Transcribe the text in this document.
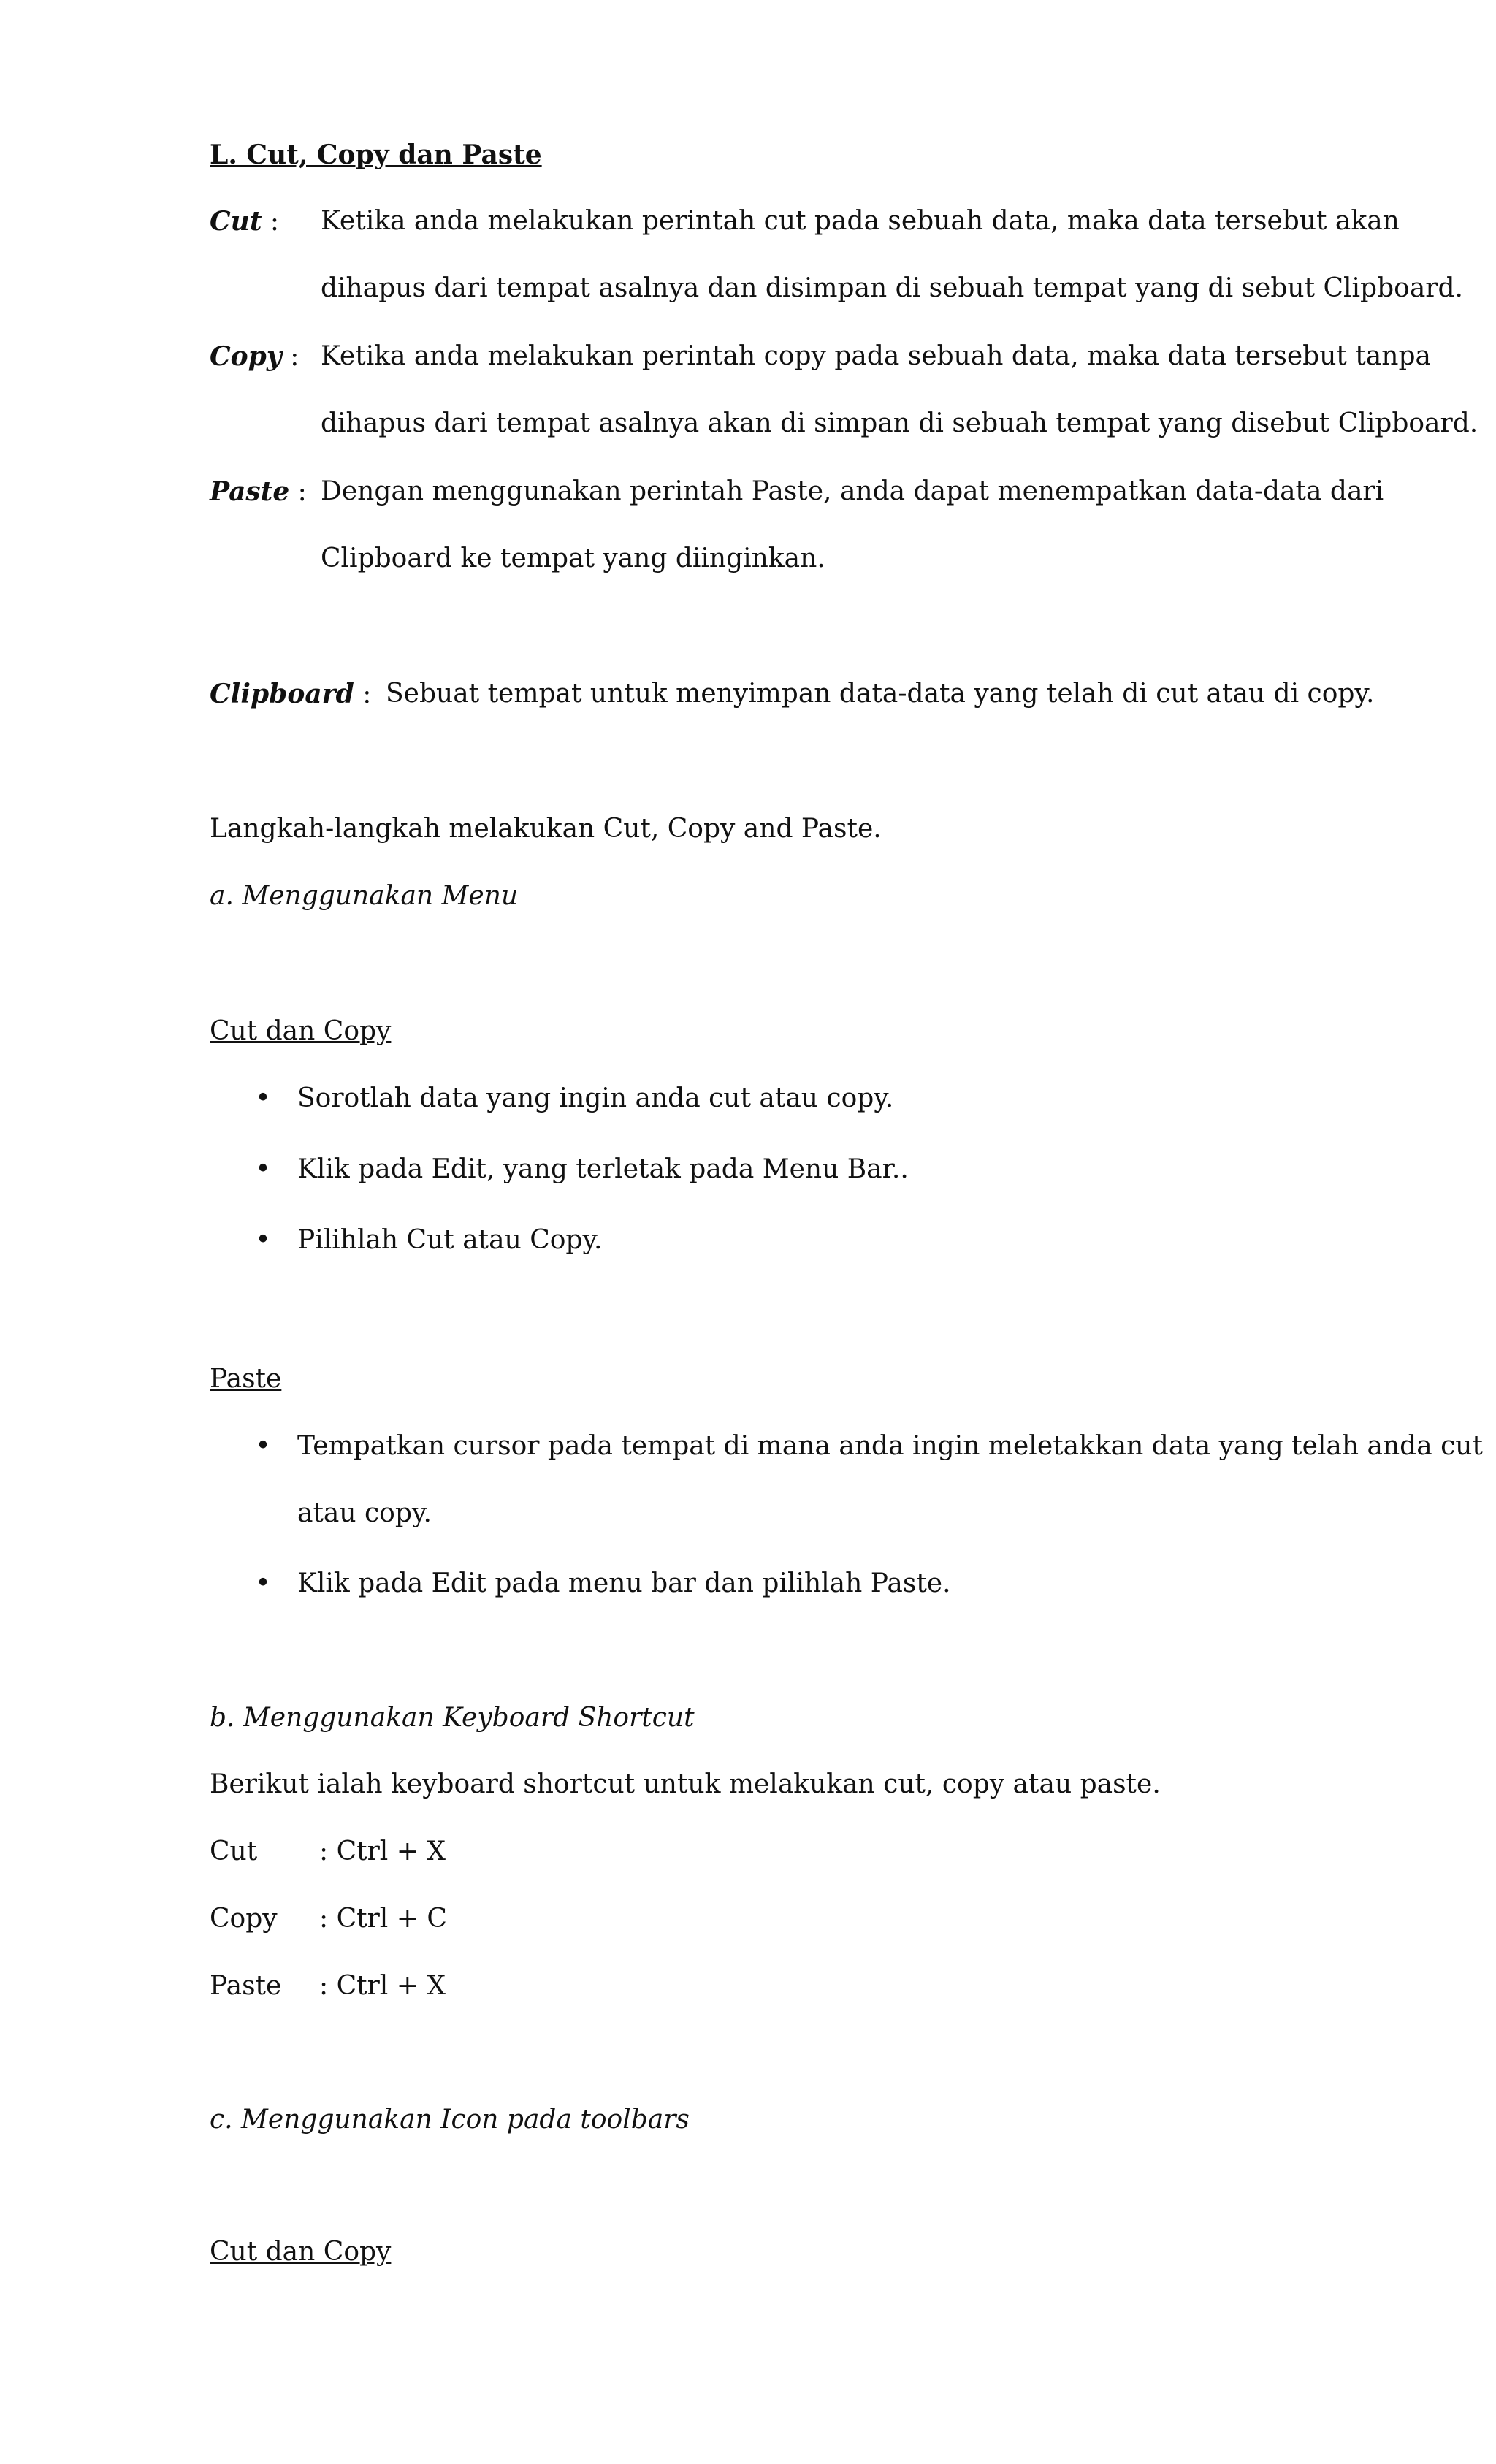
L. Cut, Copy dan Paste
Cut : Ketika anda melakukan perintah cut pada sebuah data, maka data tersebut akan
dihapus dari tempat asalnya dan disimpan di sebuah tempat yang di sebut Clipboard.
Copy : Ketika anda melakukan perintah copy pada sebuah data, maka data tersebut tanpa
dihapus dari tempat asalnya akan di simpan di sebuah tempat yang disebut Clipboard.
Paste : Dengan menggunakan perintah Paste, anda dapat menempatkan data-data dari
Clipboard ke tempat yang diinginkan.
Clipboard : Sebuat tempat untuk menyimpan data-data yang telah di cut atau di copy.
Langkah-langkah melakukan Cut, Copy and Paste.
a. Menggunakan Menu
Cut dan Copy
• Sorotlah data yang ingin anda cut atau copy.
• Klik pada Edit, yang terletak pada Menu Bar..
• Pilihlah Cut atau Copy.
Paste
• Tempatkan cursor pada tempat di mana anda ingin meletakkan data yang telah anda cut
atau copy.
• Klik pada Edit pada menu bar dan pilihlah Paste.
b. Menggunakan Keyboard Shortcut
Berikut ialah keyboard shortcut untuk melakukan cut, copy atau paste.
Cut : Ctrl + X
Copy : Ctrl + C
Paste : Ctrl + X
c. Menggunakan Icon pada toolbars
Cut dan Copy
